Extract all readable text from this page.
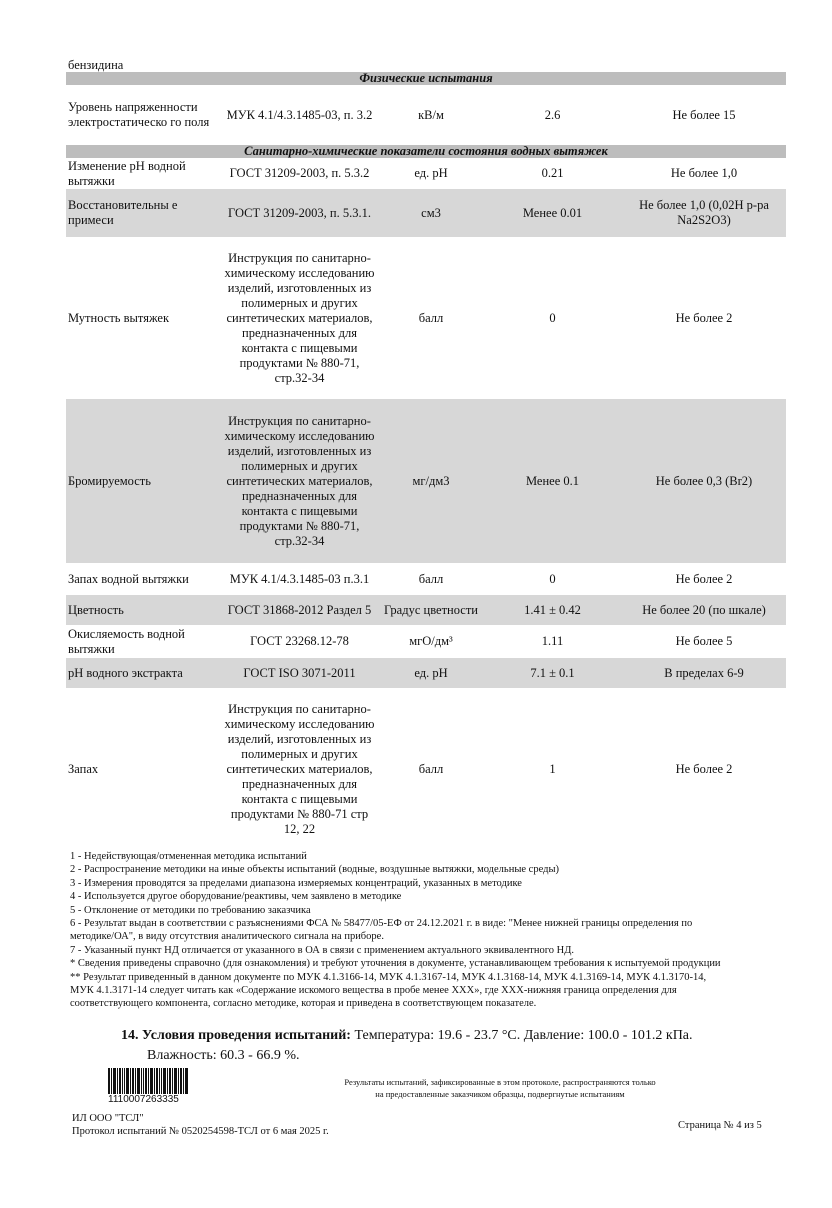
бензидина				
Физические испытания				
Уровень напряженности электростатическо го поля	МУК 4.1/4.3.1485-03, п. 3.2	кВ/м	2.6	Не более 15
Санитарно-химические показатели состояния водных вытяжек				
Изменение pH водной вытяжки	ГОСТ 31209-2003, п. 5.3.2	ед. pH	0.21	Не более 1,0
Восстановительны е примеси	ГОСТ 31209-2003, п. 5.3.1.	см3	Менее 0.01	Не более 1,0 (0,02Н р-ра Na2S2O3)
Мутность вытяжек	Инструкция по санитарно-химическому исследованию изделий, изготовленных из полимерных и других синтетических материалов, предназначенных для контакта с пищевыми продуктами № 880-71, стр.32-34	балл	0	Не более 2
Бромируемость	Инструкция по санитарно-химическому исследованию изделий, изготовленных из полимерных и других синтетических материалов, предназначенных для контакта с пищевыми продуктами № 880-71, стр.32-34	мг/дм3	Менее 0.1	Не более 0,3 (Br2)
Запах водной вытяжки	МУК 4.1/4.3.1485-03 п.3.1	балл	0	Не более 2
Цветность	ГОСТ 31868-2012 Раздел 5	Градус цветности	1.41 ± 0.42	Не более 20 (по шкале)
Окисляемость водной вытяжки	ГОСТ 23268.12-78	мгО/дм³	1.11	Не более 5
pH водного экстракта	ГОСТ ISO 3071-2011	ед. pH	7.1 ± 0.1	В пределах 6-9
Запах	Инструкция по санитарно-химическому исследованию изделий, изготовленных из полимерных и других синтетических материалов, предназначенных для контакта с пищевыми продуктами № 880-71 стр 12, 22	балл	1	Не более 2
1 - Недействующая/отмененная методика испытаний
2 - Распространение методики на иные объекты испытаний (водные, воздушные вытяжки, модельные среды)
3 - Измерения проводятся за пределами диапазона измеряемых концентраций, указанных в методике
4 - Используется другое оборудование/реактивы, чем заявлено в методике
5 - Отклонение от методики по требованию заказчика
6 - Результат выдан в соответствии с разъяснениями ФСА № 58477/05-ЕФ от 24.12.2021 г. в виде: "Менее нижней границы определения по
методике/ОА", в виду отсутствия аналитического сигнала на приборе.
7 - Указанный пункт НД отличается от указанного в ОА в связи с применением актуального эквивалентного НД.
* Сведения приведены справочно (для ознакомления) и требуют уточнения в документе, устанавливающем требования к испытуемой продукции
** Результат приведенный в данном документе по МУК 4.1.3166-14, МУК 4.1.3167-14, МУК 4.1.3168-14, МУК 4.1.3169-14, МУК 4.1.3170-14,
МУК 4.1.3171-14 следует читать как «Содержание искомого вещества в пробе менее XXX», где XXX-нижняя граница определения для
соответствующего компонента, согласно методике, которая и приведена в соответствующем показателе.
14. Условия проведения испытаний: Температура: 19.6 - 23.7 °С. Давление: 100.0 - 101.2 кПа.
Влажность: 60.3 - 66.9 %.
1110007263335
Результаты испытаний, зафиксированные в этом протоколе, распространяются только
на предоставленные заказчиком образцы, подвергнутые испытаниям
ИЛ ООО "ТСЛ"
Протокол испытаний № 0520254598-ТСЛ от 6 мая 2025 г.
Страница № 4 из 5
